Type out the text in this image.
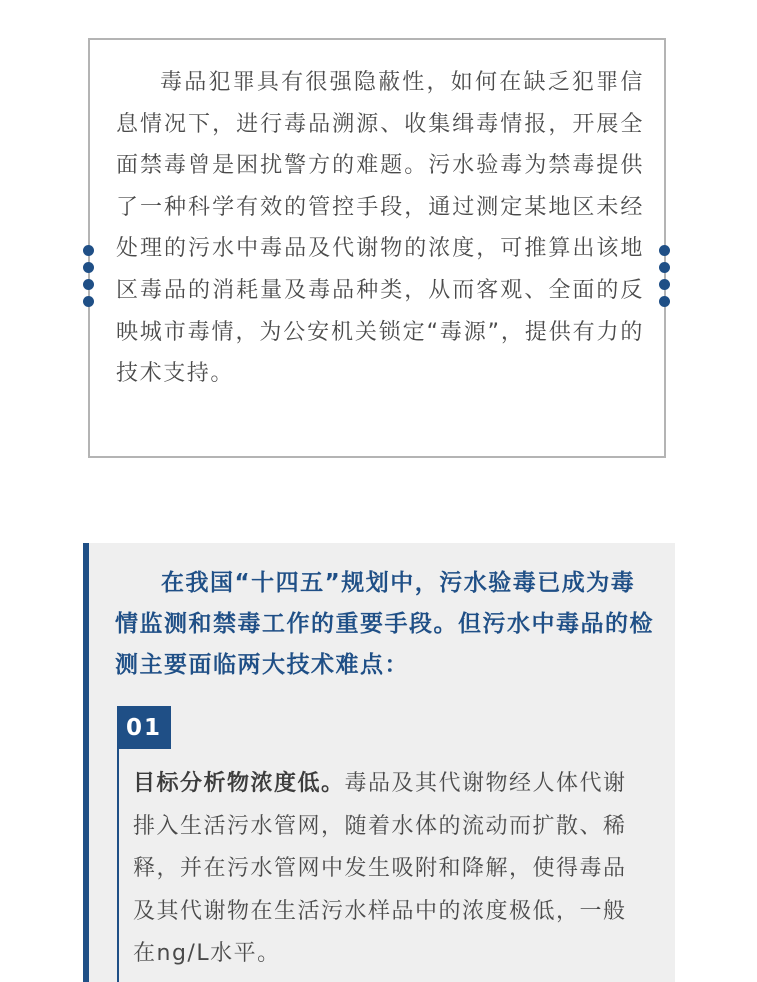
毒品犯罪具有很强隐蔽性，如何在缺乏犯罪信息情况下，进行毒品溯源、收集缉毒情报，开展全面禁毒曾是困扰警方的难题。污水验毒为禁毒提供了一种科学有效的管控手段，通过测定某地区未经处理的污水中毒品及代谢物的浓度，可推算出该地区毒品的消耗量及毒品种类，从而客观、全面的反映城市毒情，为公安机关锁定“毒源”，提供有力的技术支持。

在我国“十四五”规划中，污水验毒已成为毒情监测和禁毒工作的重要手段。但污水中毒品的检测主要面临两大技术难点：

01

目标分析物浓度低。毒品及其代谢物经人体代谢排入生活污水管网，随着水体的流动而扩散、稀释，并在污水管网中发生吸附和降解，使得毒品及其代谢物在生活污水样品中的浓度极低，一般在ng/L水平。
